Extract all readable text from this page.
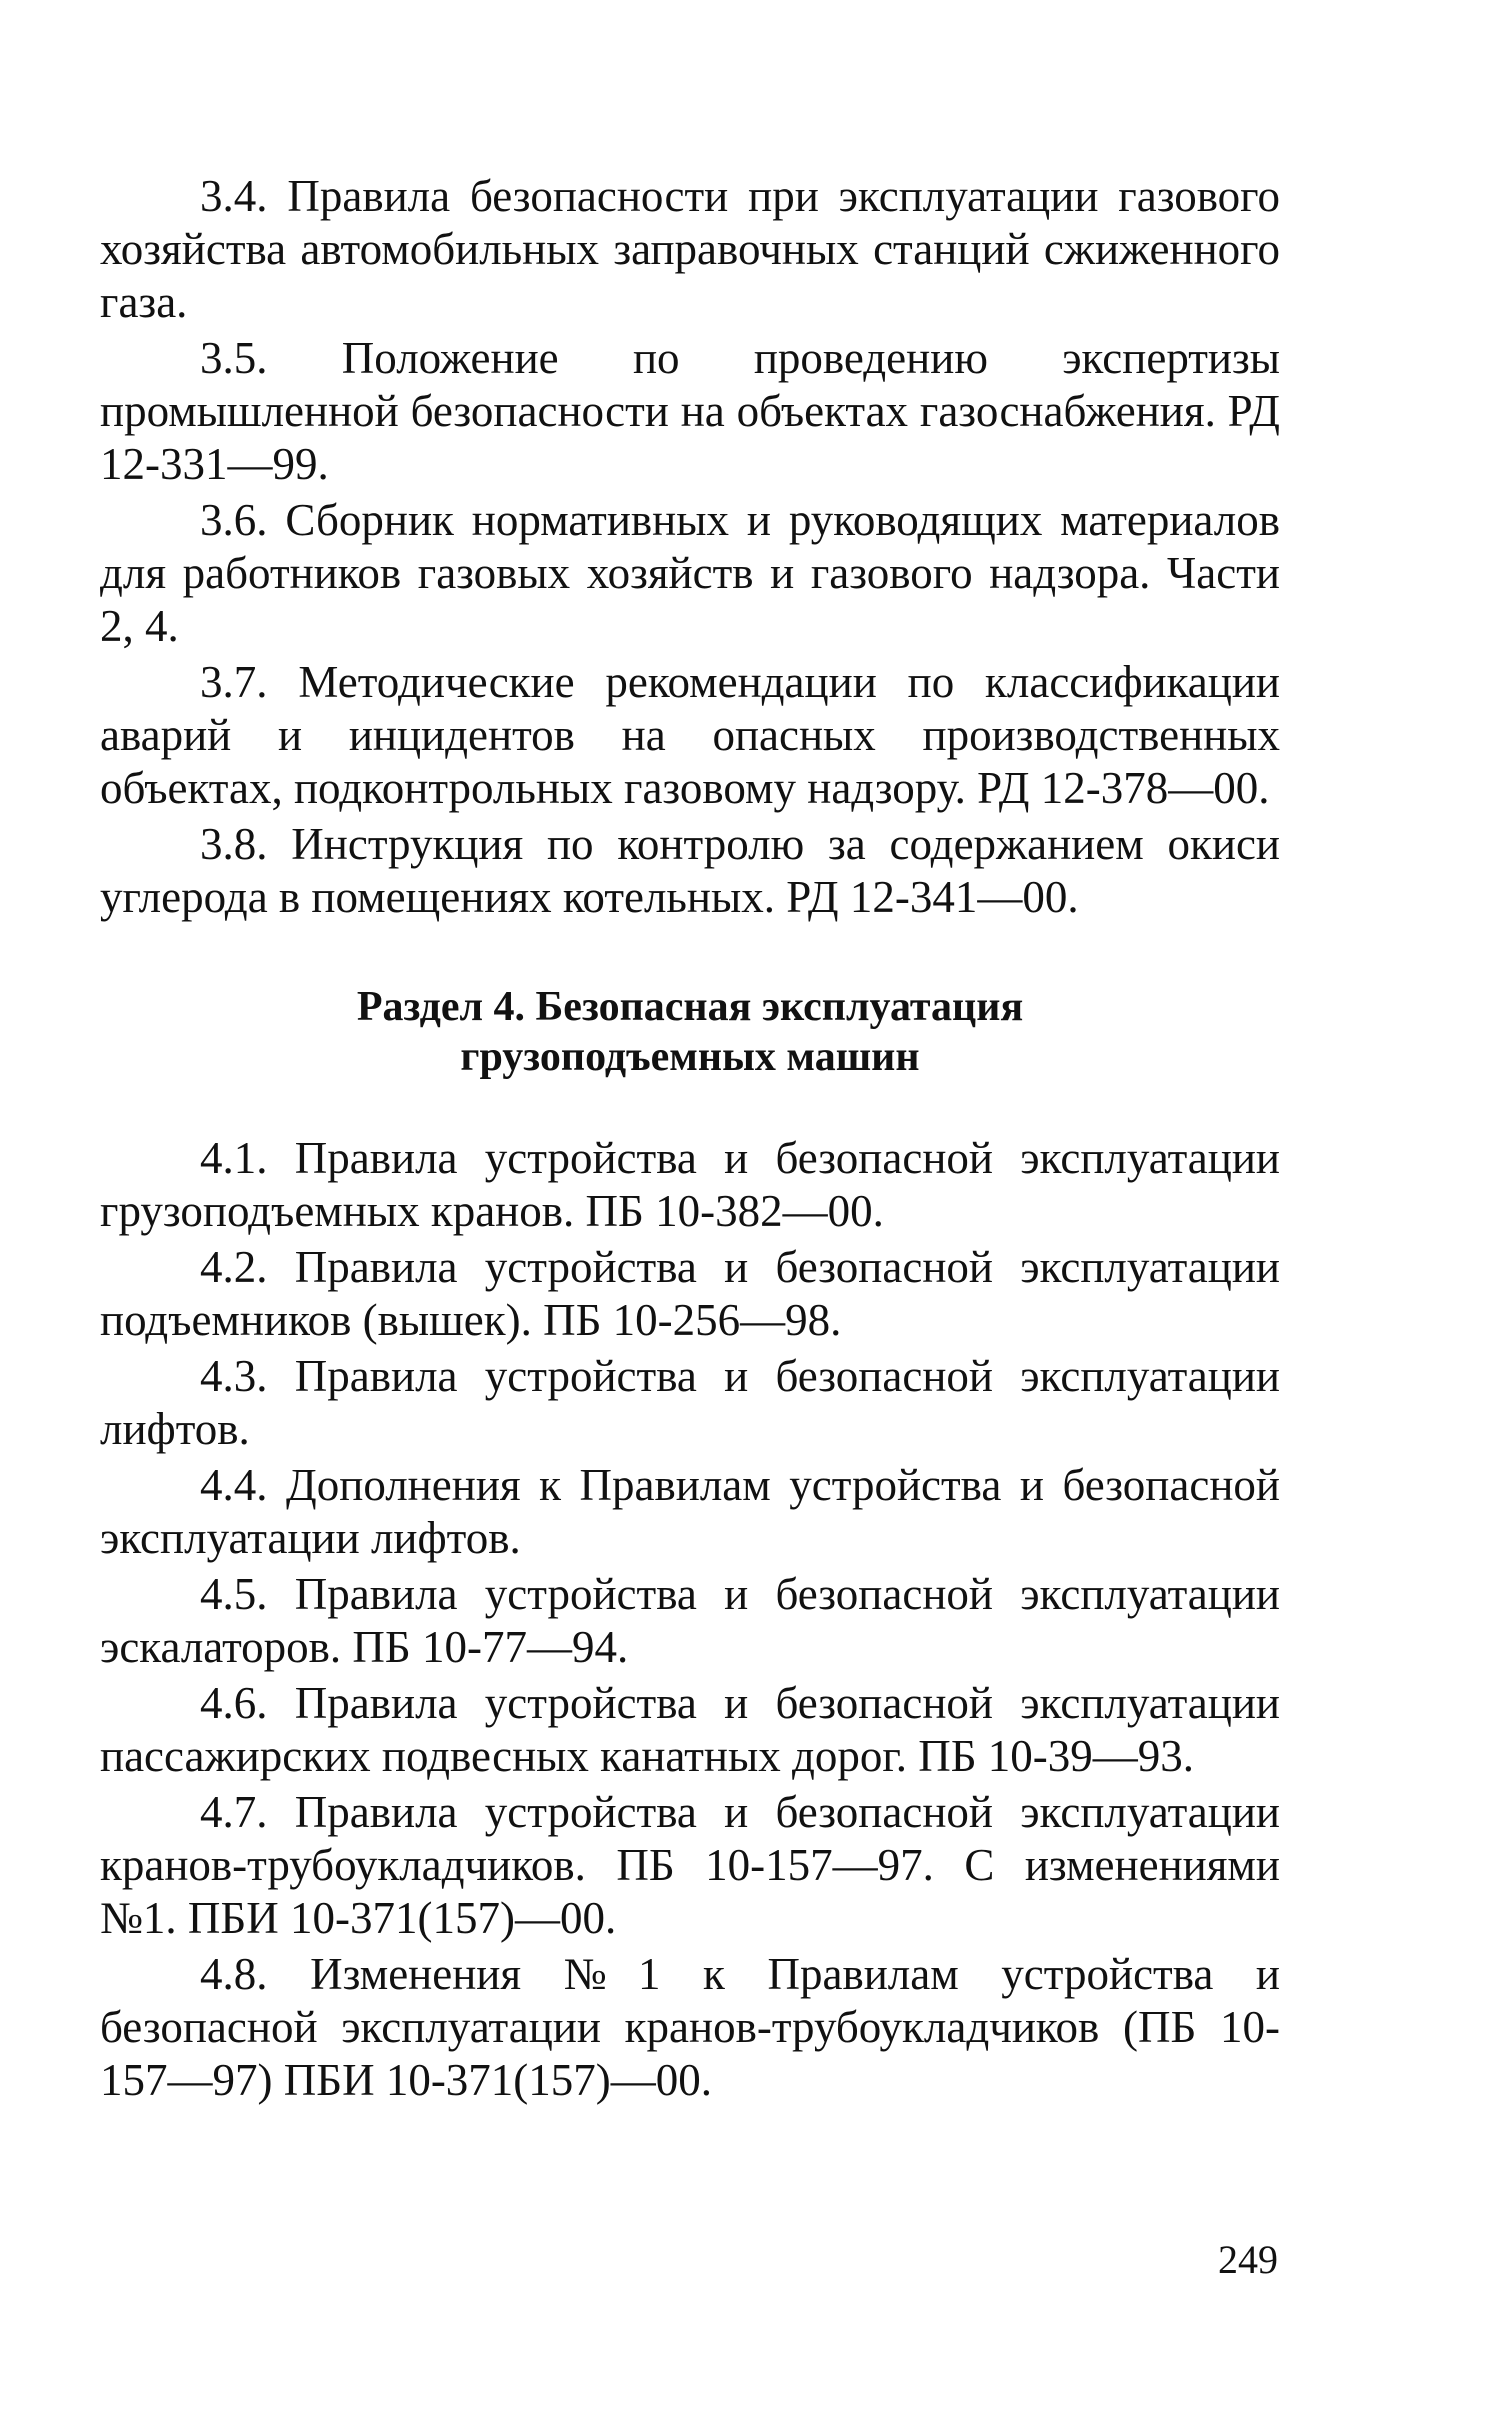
3.4. Правила безопасности при эксплуатации газового хозяйства автомобильных заправочных станций сжиженного газа.

3.5. Положение по проведению экспертизы промышленной безопасности на объектах газоснабжения. РД 12-331—99.

3.6. Сборник нормативных и руководящих материалов для работников газовых хозяйств и газового надзора. Части 2, 4.

3.7. Методические рекомендации по классификации аварий и инцидентов на опасных производственных объектах, подконтрольных газовому надзору. РД 12-378—00.

3.8. Инструкция по контролю за содержанием окиси углерода в помещениях котельных. РД 12-341—00.

Раздел 4. Безопасная эксплуатация
грузоподъемных машин

4.1. Правила устройства и безопасной эксплуатации грузоподъемных кранов. ПБ 10-382—00.

4.2. Правила устройства и безопасной эксплуатации подъемников (вышек). ПБ 10-256—98.

4.3. Правила устройства и безопасной эксплуатации лифтов.

4.4. Дополнения к Правилам устройства и безопасной эксплуатации лифтов.

4.5. Правила устройства и безопасной эксплуатации эскалаторов. ПБ 10-77—94.

4.6. Правила устройства и безопасной эксплуатации пассажирских подвесных канатных дорог. ПБ 10-39—93.

4.7. Правила устройства и безопасной эксплуатации кранов-трубоукладчиков. ПБ 10-157—97. С изменениями №1. ПБИ 10-371(157)—00.

4.8. Изменения №1 к Правилам устройства и безопасной эксплуатации кранов-трубоукладчиков (ПБ 10-157—97) ПБИ 10-371(157)—00.

249
